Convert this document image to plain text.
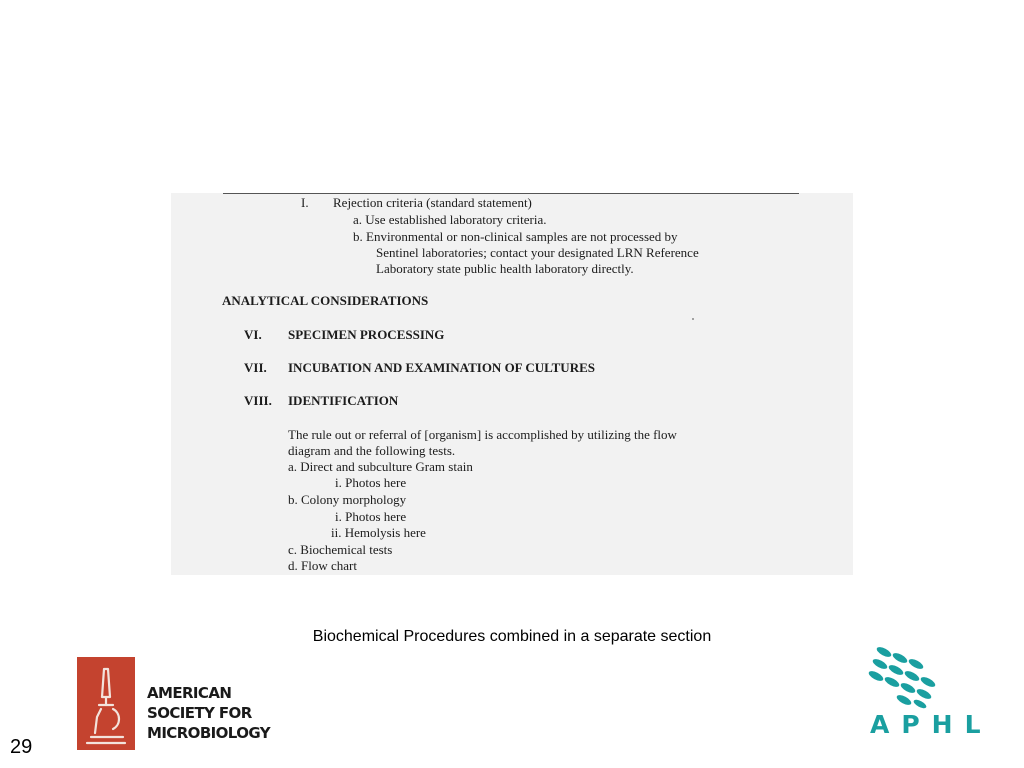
I. Rejection criteria (standard statement)
a. Use established laboratory criteria.
b. Environmental or non-clinical samples are not processed by
Sentinel laboratories; contact your designated LRN Reference
Laboratory state public health laboratory directly.
ANALYTICAL CONSIDERATIONS
VI. SPECIMEN PROCESSING
VII. INCUBATION AND EXAMINATION OF CULTURES
VIII. IDENTIFICATION
The rule out or referral of [organism] is accomplished by utilizing the flow
diagram and the following tests.
a. Direct and subculture Gram stain
i. Photos here
b. Colony morphology
i. Photos here
ii. Hemolysis here
c. Biochemical tests
d. Flow chart
Biochemical Procedures combined in a separate section
29
AMERICAN
SOCIETY FOR
MICROBIOLOGY	APHL
